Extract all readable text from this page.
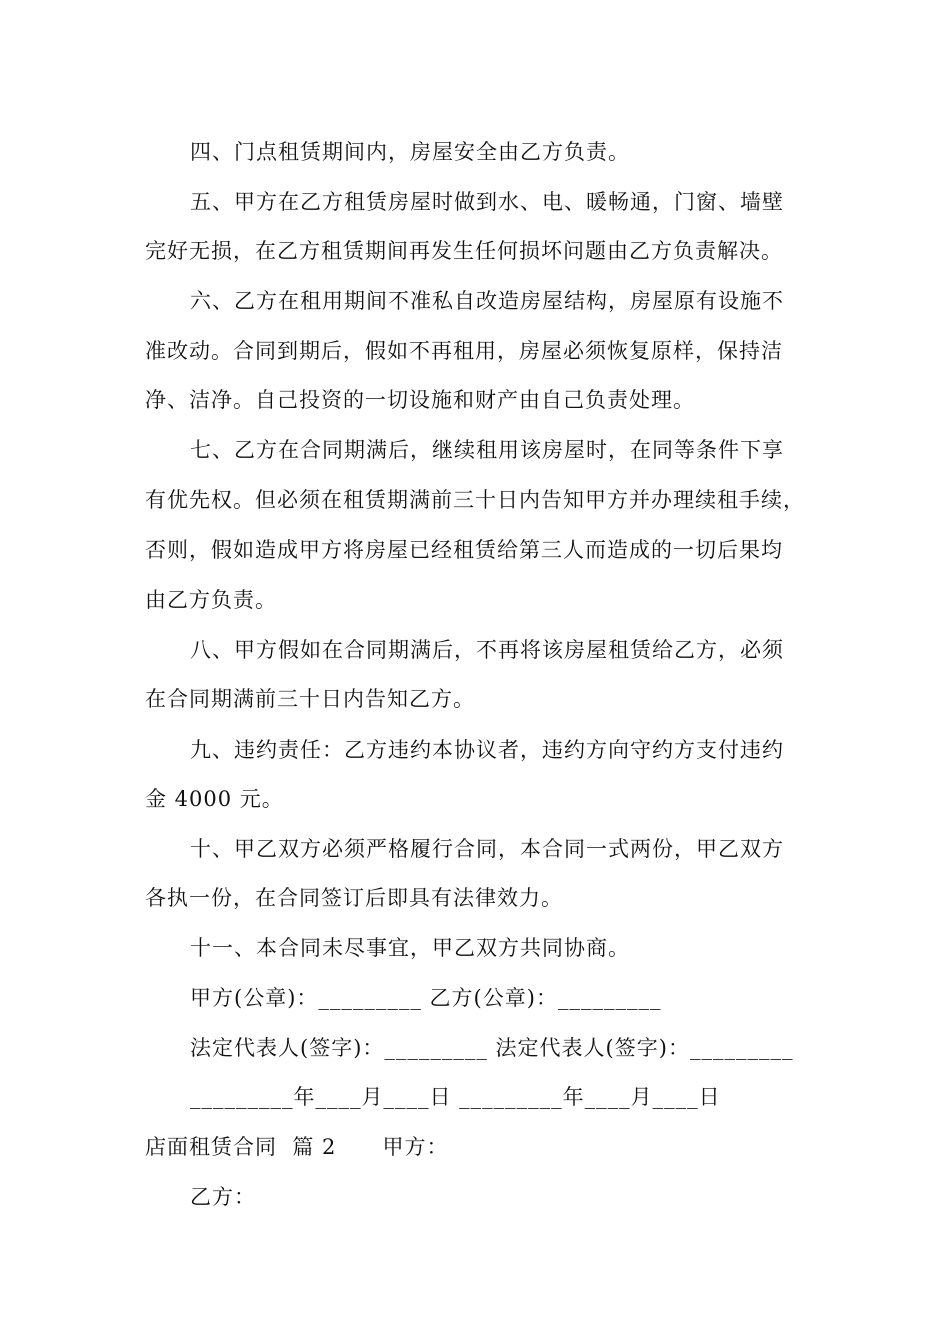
四、门点租赁期间内，房屋安全由乙方负责。
五、甲方在乙方租赁房屋时做到水、电、暖畅通，门窗、墙壁
完好无损，在乙方租赁期间再发生任何损坏问题由乙方负责解决。
六、乙方在租用期间不准私自改造房屋结构，房屋原有设施不
准改动。合同到期后，假如不再租用，房屋必须恢复原样，保持洁
净、洁净。自己投资的一切设施和财产由自己负责处理。
七、乙方在合同期满后，继续租用该房屋时，在同等条件下享
有优先权。但必须在租赁期满前三十日内告知甲方并办理续租手续，
否则，假如造成甲方将房屋已经租赁给第三人而造成的一切后果均
由乙方负责。
八、甲方假如在合同期满后，不再将该房屋租赁给乙方，必须
在合同期满前三十日内告知乙方。
九、违约责任：乙方违约本协议者，违约方向守约方支付违约
金 4000 元。
十、甲乙双方必须严格履行合同，本合同一式两份，甲乙双方
各执一份，在合同签订后即具有法律效力。
十一、本合同未尽事宜，甲乙双方共同协商。
甲方(公章)：_________ 乙方(公章)：_________
法定代表人(签字)：_________ 法定代表人(签字)：_________
_________年____月____日 _________年____月____日
店面租赁合同  篇 2      甲方：
乙方：
